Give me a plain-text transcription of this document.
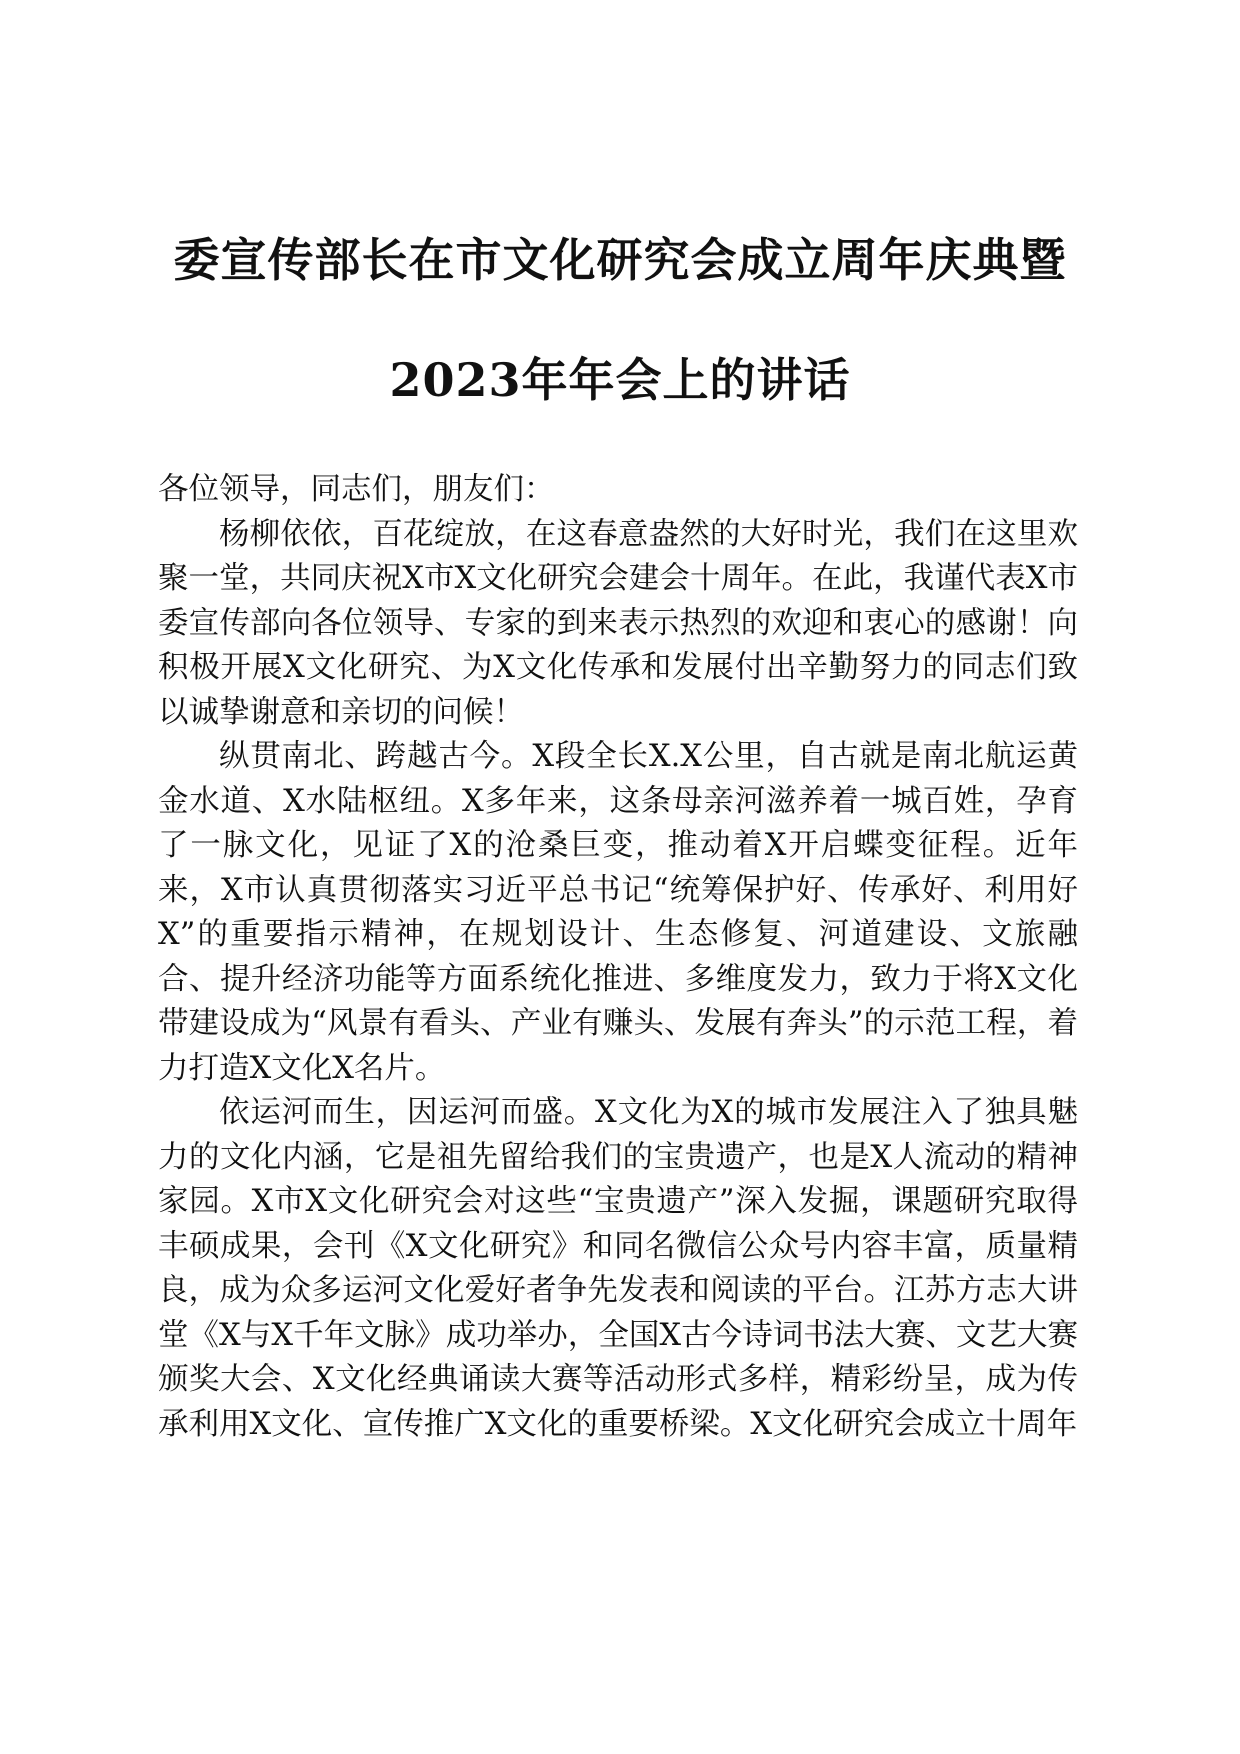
委宣传部长在市文化研究会成立周年庆典暨
2023年年会上的讲话

各位领导，同志们，朋友们：

杨柳依依，百花绽放，在这春意盎然的大好时光，我们在这里欢聚一堂，共同庆祝X市X文化研究会建会十周年。在此，我谨代表X市委宣传部向各位领导、专家的到来表示热烈的欢迎和衷心的感谢！向积极开展X文化研究、为X文化传承和发展付出辛勤努力的同志们致以诚挚谢意和亲切的问候！

纵贯南北、跨越古今。X段全长X.X公里，自古就是南北航运黄金水道、X水陆枢纽。X多年来，这条母亲河滋养着一城百姓，孕育了一脉文化，见证了X的沧桑巨变，推动着X开启蝶变征程。近年来，X市认真贯彻落实习近平总书记“统筹保护好、传承好、利用好X”的重要指示精神，在规划设计、生态修复、河道建设、文旅融合、提升经济功能等方面系统化推进、多维度发力，致力于将X文化带建设成为“风景有看头、产业有赚头、发展有奔头”的示范工程，着力打造X文化X名片。

依运河而生，因运河而盛。X文化为X的城市发展注入了独具魅力的文化内涵，它是祖先留给我们的宝贵遗产，也是X人流动的精神家园。X市X文化研究会对这些“宝贵遗产”深入发掘，课题研究取得丰硕成果，会刊《X文化研究》和同名微信公众号内容丰富，质量精良，成为众多运河文化爱好者争先发表和阅读的平台。江苏方志大讲堂《X与X千年文脉》成功举办，全国X古今诗词书法大赛、文艺大赛颁奖大会、X文化经典诵读大赛等活动形式多样，精彩纷呈，成为传承利用X文化、宣传推广X文化的重要桥梁。X文化研究会成立十周年
